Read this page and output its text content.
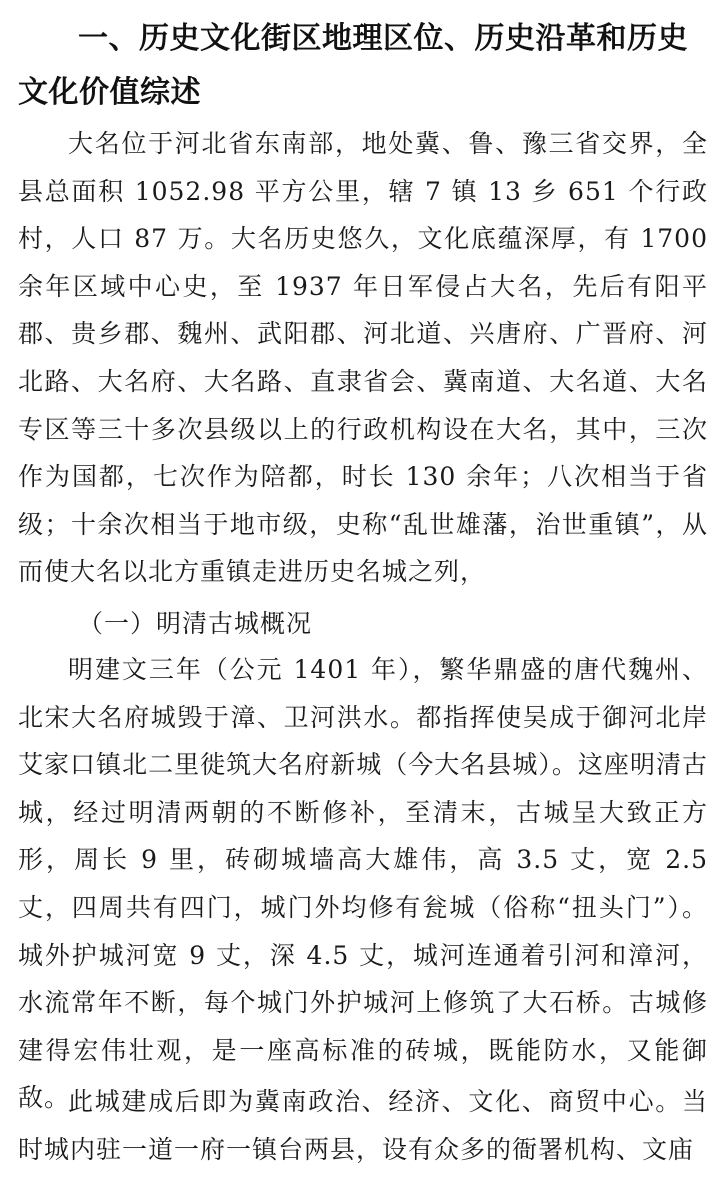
一、历史文化街区地理区位、历史沿革和历史文化价值综述
大名位于河北省东南部，地处冀、鲁、豫三省交界，全县总面积 1052.98 平方公里，辖 7 镇 13 乡 651 个行政村，人口 87 万。大名历史悠久，文化底蕴深厚，有 1700 余年区域中心史，至 1937 年日军侵占大名，先后有阳平郡、贵乡郡、魏州、武阳郡、河北道、兴唐府、广晋府、河北路、大名府、大名路、直隶省会、冀南道、大名道、大名专区等三十多次县级以上的行政机构设在大名，其中，三次作为国都，七次作为陪都，时长 130 余年；八次相当于省级；十余次相当于地市级，史称“乱世雄藩，治世重镇”，从而使大名以北方重镇走进历史名城之列，
（一）明清古城概况
明建文三年（公元 1401 年），繁华鼎盛的唐代魏州、北宋大名府城毁于漳、卫河洪水。都指挥使吴成于御河北岸艾家口镇北二里徙筑大名府新城（今大名县城）。这座明清古城，经过明清两朝的不断修补，至清末，古城呈大致正方形，周长 9 里，砖砌城墙高大雄伟，高 3.5 丈，宽 2.5 丈，四周共有四门，城门外均修有瓮城（俗称“扭头门”）。城外护城河宽 9 丈，深 4.5 丈，城河连通着引河和漳河，水流常年不断，每个城门外护城河上修筑了大石桥。古城修建得宏伟壮观，是一座高标准的砖城，既能防水，又能御敌。
此城建成后即为冀南政治、经济、文化、商贸中心。当时城内驻一道一府一镇台两县，设有众多的衙署机构、文庙
